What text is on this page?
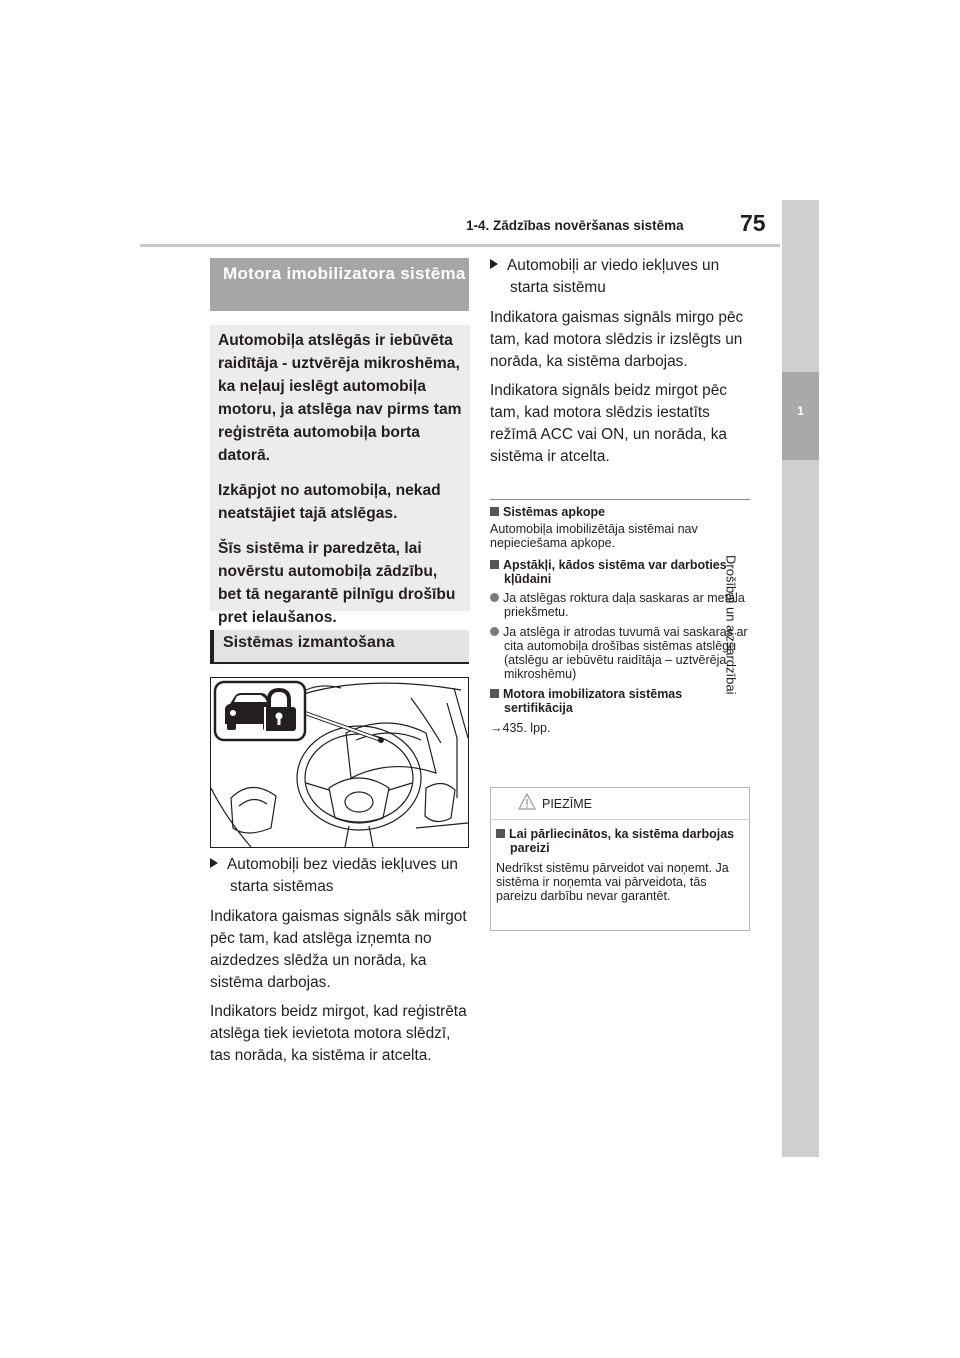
1-4. Zādzības novēršanas sistēma 75
1
Drošībai un aizsardzībai
Motora imobilizatora sistēma

Automobiļa atslēgās ir iebūvēta raidītāja - uztvērēja mikroshēma, ka neļauj ieslēgt automobiļa motoru, ja atslēga nav pirms tam reģistrēta automobiļa borta datorā.

Izkāpjot no automobiļa, nekad neatstājiet tajā atslēgas.

Šīs sistēma ir paredzēta, lai novērstu automobiļa zādzību, bet tā negarantē pilnīgu drošību pret ielaušanos.

Sistēmas izmantošana

Automobiļi bez viedās iekļuves un starta sistēmas

Indikatora gaismas signāls sāk mirgot pēc tam, kad atslēga izņemta no aizdedzes slēdža un norāda, ka sistēma darbojas.

Indikators beidz mirgot, kad reģistrēta atslēga tiek ievietota motora slēdzī, tas norāda, ka sistēma ir atcelta.

Automobiļi ar viedo iekļuves un starta sistēmu

Indikatora gaismas signāls mirgo pēc tam, kad motora slēdzis ir izslēgts un norāda, ka sistēma darbojas.

Indikatora signāls beidz mirgot pēc tam, kad motora slēdzis iestatīts režīmā ACC vai ON, un norāda, ka sistēma ir atcelta.

Sistēmas apkope

Automobiļa imobilizētāja sistēmai nav nepieciešama apkope.

Apstākļi, kādos sistēma var darboties kļūdaini

Ja atslēgas roktura daļa saskaras ar metāla priekšmetu.

Ja atslēga ir atrodas tuvumā vai saskaras ar cita automobiļa drošības sistēmas atslēgu (atslēgu ar iebūvētu raidītāja – uztvērēja mikroshēmu)

Motora imobilizatora sistēmas sertifikācija

→435. lpp.

PIEZĪME

Lai pārliecinātos, ka sistēma darbojas pareizi

Nedrīkst sistēmu pārveidot vai noņemt. Ja sistēma ir noņemta vai pārveidota, tās pareizu darbību nevar garantēt.
